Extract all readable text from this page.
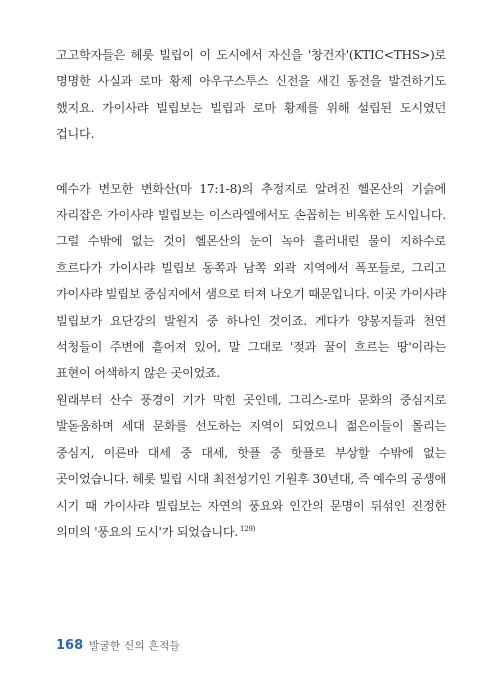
고고학자들은 헤롯 빌립이 이 도시에서 자신을 '창건자'(KTIC<THS>)로 명명한 사실과 로마 황제 아우구스투스 신전을 새긴 동전을 발견하기도 했지요. 가이사랴 빌립보는 빌립과 로마 황제를 위해 설립된 도시였던 겁니다.

예수가 변모한 변화산(마 17:1-8)의 추정지로 알려진 헬몬산의 기슭에 자리잡은 가이사랴 빌립보는 이스라엘에서도 손꼽히는 비옥한 도시입니다. 그럴 수밖에 없는 것이 헬몬산의 눈이 녹아 흘러내린 물이 지하수로 흐르다가 가이사랴 빌립보 동쪽과 남쪽 외곽 지역에서 폭포들로, 그리고 가이사랴 빌립보 중심지에서 샘으로 터져 나오기 때문입니다. 이곳 가이사랴 빌립보가 요단강의 발원지 중 하나인 것이죠. 게다가 양봉지들과 천연 석청들이 주변에 흩어져 있어, 말 그대로 '젖과 꿀이 흐르는 땅'이라는 표현이 어색하지 않은 곳이었죠.

원래부터 산수 풍경이 기가 막힌 곳인데, 그리스-로마 문화의 중심지로 발돋움하며 세대 문화를 선도하는 지역이 되었으니 젊은이들이 몰리는 중심지, 이른바 대세 중 대세, 핫플 중 핫플로 부상할 수밖에 없는 곳이었습니다. 헤롯 빌립 시대 최전성기인 기원후 30년대, 즉 예수의 공생애 시기 때 가이사랴 빌립보는 자연의 풍요와 인간의 문명이 뒤섞인 진정한 의미의 '풍요의 도시'가 되었습니다. $^{129)}$

168 발굴한 신의 흔적들
